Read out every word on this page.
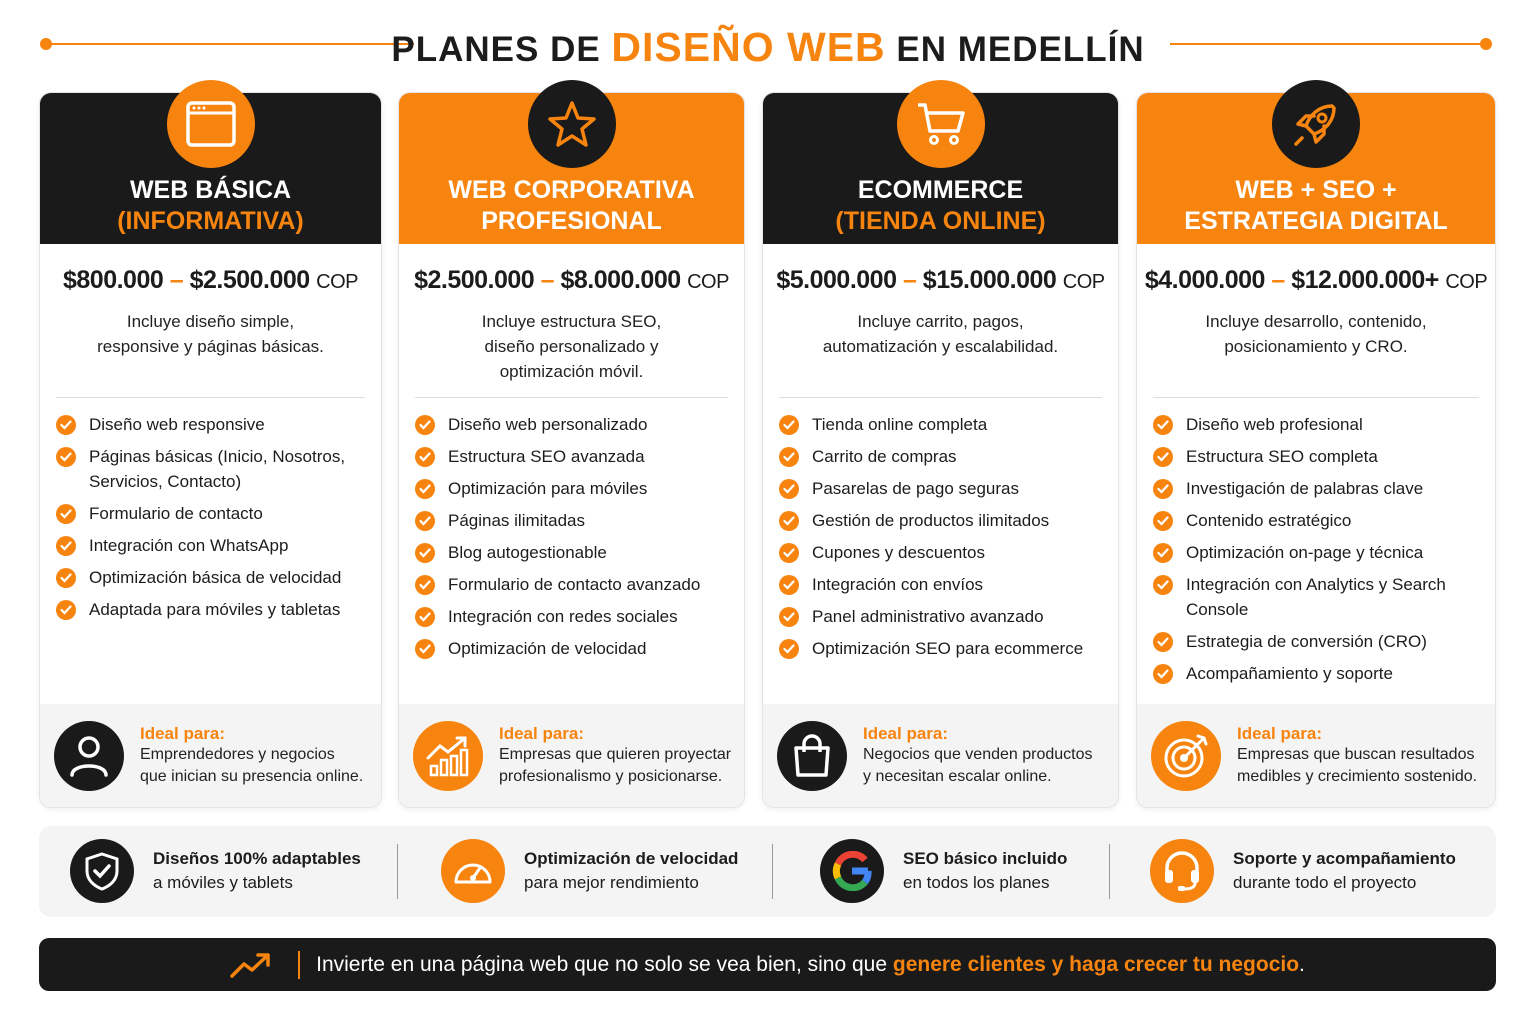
PLANES DE DISEÑO WEB EN MEDELLÍN
WEB BÁSICA
(INFORMATIVA)
$800.000 – $2.500.000 COP
Incluye diseño simple,
responsive y páginas básicas.
Diseño web responsive
Páginas básicas (Inicio, Nosotros, Servicios, Contacto)
Formulario de contacto
Integración con WhatsApp
Optimización básica de velocidad
Adaptada para móviles y tabletas
Ideal para:
Emprendedores y negocios
que inician su presencia online.
WEB CORPORATIVA
PROFESIONAL
$2.500.000 – $8.000.000 COP
Incluye estructura SEO,
diseño personalizado y
optimización móvil.
Diseño web personalizado
Estructura SEO avanzada
Optimización para móviles
Páginas ilimitadas
Blog autogestionable
Formulario de contacto avanzado
Integración con redes sociales
Optimización de velocidad
Ideal para:
Empresas que quieren proyectar
profesionalismo y posicionarse.
ECOMMERCE
(TIENDA ONLINE)
$5.000.000 – $15.000.000 COP
Incluye carrito, pagos,
automatización y escalabilidad.
Tienda online completa
Carrito de compras
Pasarelas de pago seguras
Gestión de productos ilimitados
Cupones y descuentos
Integración con envíos
Panel administrativo avanzado
Optimización SEO para ecommerce
Ideal para:
Negocios que venden productos
y necesitan escalar online.
WEB + SEO +
ESTRATEGIA DIGITAL
$4.000.000 – $12.000.000+ COP
Incluye desarrollo, contenido,
posicionamiento y CRO.
Diseño web profesional
Estructura SEO completa
Investigación de palabras clave
Contenido estratégico
Optimización on-page y técnica
Integración con Analytics y Search Console
Estrategia de conversión (CRO)
Acompañamiento y soporte
Ideal para:
Empresas que buscan resultados
medibles y crecimiento sostenido.
Diseños 100% adaptables
a móviles y tablets
Optimización de velocidad
para mejor rendimiento
SEO básico incluido
en todos los planes
Soporte y acompañamiento
durante todo el proyecto
Invierte en una página web que no solo se vea bien, sino que genere clientes y haga crecer tu negocio .
